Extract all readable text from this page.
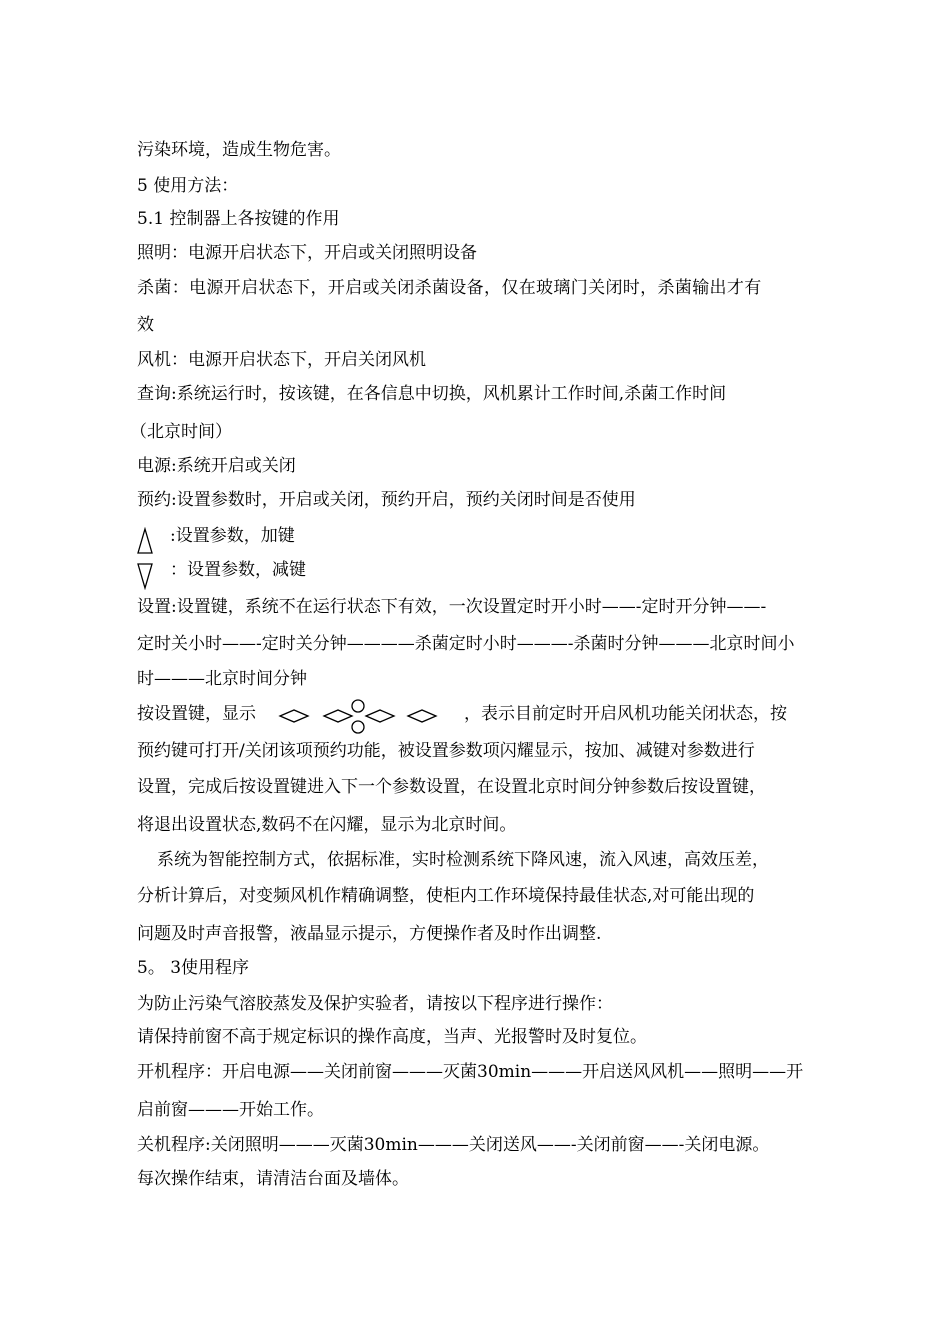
污染环境，造成生物危害。
5 使用方法：
5.1 控制器上各按键的作用
照明：电源开启状态下，开启或关闭照明设备
杀菌：电源开启状态下，开启或关闭杀菌设备，仅在玻璃门关闭时，杀菌输出才有
效
风机：电源开启状态下，开启关闭风机
查询:系统运行时，按该键，在各信息中切换，风机累计工作时间,杀菌工作时间
（北京时间）
电源:系统开启或关闭
预约:设置参数时，开启或关闭，预约开启，预约关闭时间是否使用
:设置参数，加键
：设置参数，减键
设置:设置键，系统不在运行状态下有效，一次设置定时开小时——-定时开分钟——-
定时关小时——-定时关分钟————杀菌定时小时———-杀菌时分钟———北京时间小
时———北京时间分钟
按设置键，显示	，表示目前定时开启风机功能关闭状态，按
预约键可打开/关闭该项预约功能，被设置参数项闪耀显示，按加、减键对参数进行
设置，完成后按设置键进入下一个参数设置，在设置北京时间分钟参数后按设置键，
将退出设置状态,数码不在闪耀，显示为北京时间。
系统为智能控制方式，依据标准，实时检测系统下降风速，流入风速，高效压差，
分析计算后，对变频风机作精确调整，使柜内工作环境保持最佳状态,对可能出现的
问题及时声音报警，液晶显示提示，方便操作者及时作出调整.
5。 3使用程序
为防止污染气溶胶蒸发及保护实验者，请按以下程序进行操作：
请保持前窗不高于规定标识的操作高度，当声、光报警时及时复位。
开机程序：开启电源——关闭前窗———灭菌30min———开启送风风机——照明——开
启前窗———开始工作。
关机程序:关闭照明———灭菌30min———关闭送风——-关闭前窗——-关闭电源。
每次操作结束，请清洁台面及墙体。
